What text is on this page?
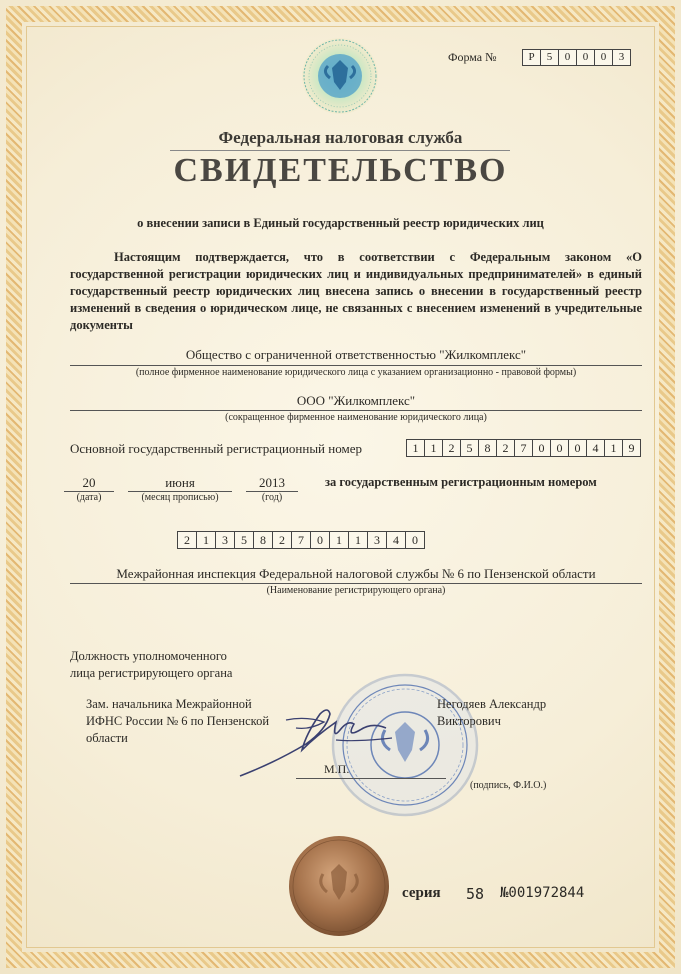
Форма №	Р	5	0	0	0	3
Федеральная налоговая служба
СВИДЕТЕЛЬСТВО
о внесении записи в Единый государственный реестр юридических лиц
Настоящим подтверждается, что в соответствии с Федеральным законом «О государственной регистрации юридических лиц и индивидуальных предпринимателей» в единый государственный реестр юридических лиц внесена запись о внесении в государственный реестр изменений в сведения о юридическом лице, не связанных с внесением изменений в учредительные документы
Общество с ограниченной ответственностью "Жилкомплекс"
(полное фирменное наименование юридического лица с указанием организационно - правовой формы)
ООО "Жилкомплекс"
(сокращенное фирменное наименование юридического лица)
Основной государственный регистрационный номер	1	1	2	5	8	2	7	0	0	0	4	1	9
20
(дата)
июня
(месяц прописью)
2013
(год)
за государственным регистрационным номером
2	1	3	5	8	2	7	0	1	1	3	4	0
Межрайонная инспекция Федеральной налоговой службы № 6 по Пензенской области
(Наименование регистрирующего органа)
Должность уполномоченного
лица регистрирующего органа
Зам. начальника Межрайонной
ИФНС России № 6 по Пензенской
области
Негодяев Александр
Викторович
М.П.
(подпись, Ф.И.О.)
серия 58 №001972844
